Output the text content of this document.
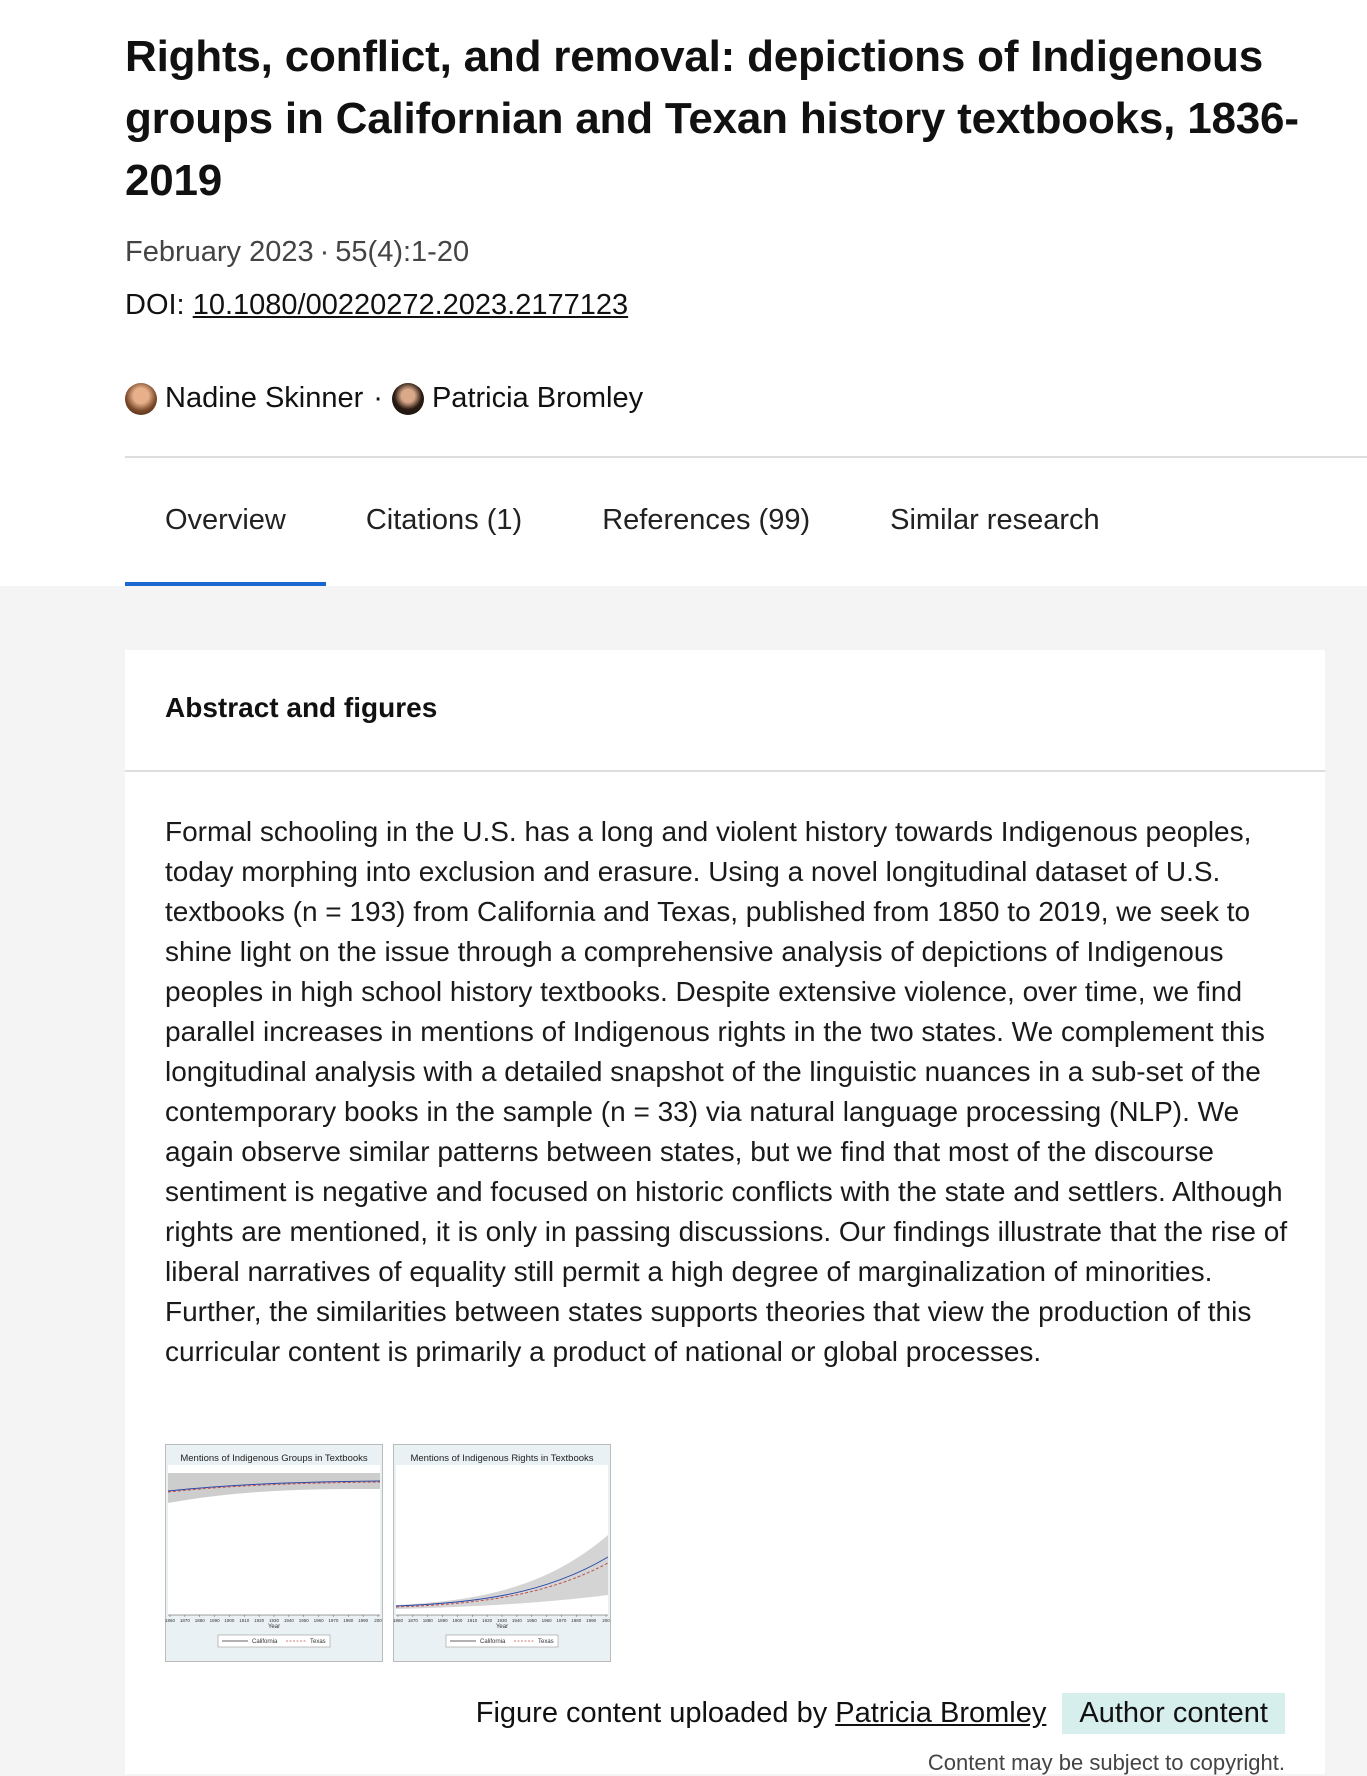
Rights, conflict, and removal: depictions of Indigenous groups in Californian and Texan history textbooks, 1836-2019
February 2023 · 55(4):1-20
DOI: 10.1080/00220272.2023.2177123
Nadine Skinner · Patricia Bromley
Overview	Citations (1)	References (99)	Similar research
Abstract and figures

Formal schooling in the U.S. has a long and violent history towards Indigenous peoples, today morphing into exclusion and erasure. Using a novel longitudinal dataset of U.S. textbooks (n = 193) from California and Texas, published from 1850 to 2019, we seek to shine light on the issue through a comprehensive analysis of depictions of Indigenous peoples in high school history textbooks. Despite extensive violence, over time, we find parallel increases in mentions of Indigenous rights in the two states. We complement this longitudinal analysis with a detailed snapshot of the linguistic nuances in a sub-set of the contemporary books in the sample (n = 33) via natural language processing (NLP). We again observe similar patterns between states, but we find that most of the discourse sentiment is negative and focused on historic conflicts with the state and settlers. Although rights are mentioned, it is only in passing discussions. Our findings illustrate that the rise of liberal narratives of equality still permit a high degree of marginalization of minorities. Further, the similarities between states supports theories that view the production of this curricular content is primarily a product of national or global processes.

Mentions of Indigenous Groups in Textbooks
1860 1870 1880 1890 1900 1910 1920 1930 1940 1950 1960 1970 1980 1990 200
Year
California	Texas
Mentions of Indigenous Rights in Textbooks
1860 1870 1880 1890 1900 1910 1920 1930 1940 1950 1960 1970 1980 1990 200
Year
California	Texas
Figure content uploaded by Patricia Bromley	Author content
Content may be subject to copyright.
